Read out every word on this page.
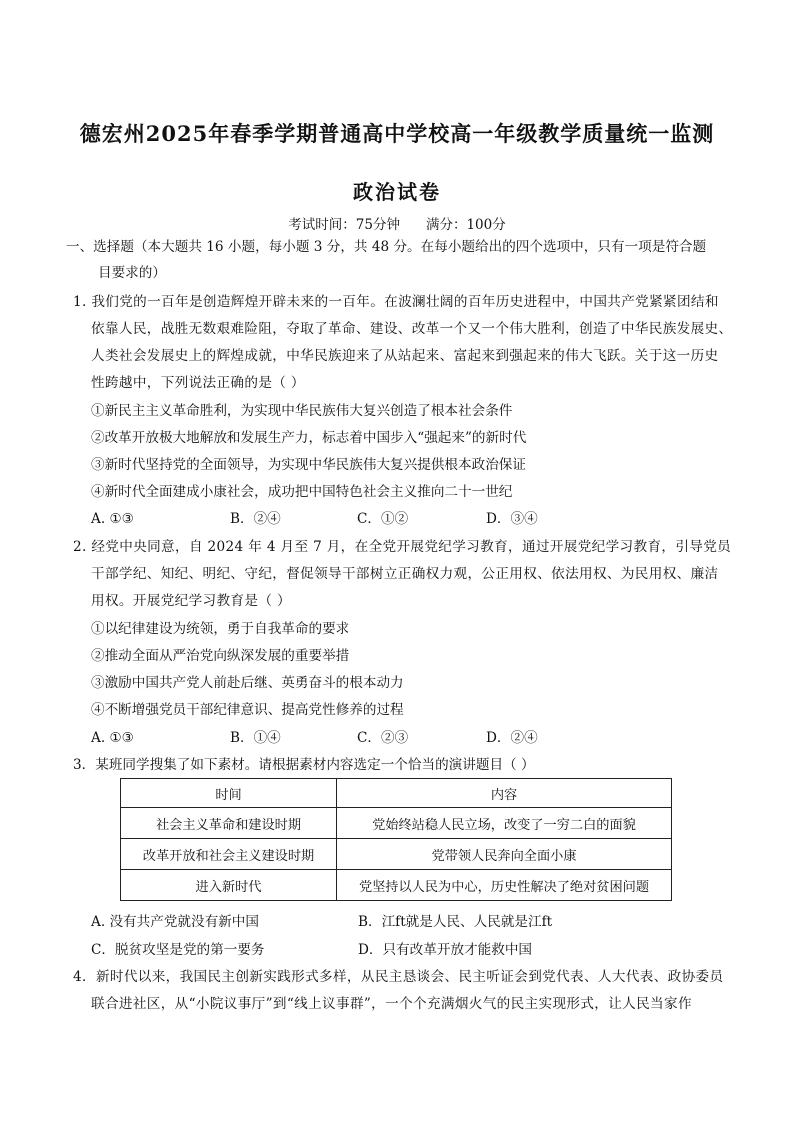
德宏州2025年春季学期普通高中学校高一年级教学质量统一监测
政治试卷
考试时间：75分钟 满分：100分
一、选择题（本大题共 16 小题，每小题 3 分，共 48 分。在每小题给出的四个选项中，只有一项是符合题
目要求的）
1. 我们党的一百年是创造辉煌开辟未来的一百年。在波澜壮阔的百年历史进程中，中国共产党紧紧团结和
依靠人民，战胜无数艰难险阻，夺取了革命、建设、改革一个又一个伟大胜利，创造了中华民族发展史、
人类社会发展史上的辉煌成就，中华民族迎来了从站起来、富起来到强起来的伟大飞跃。关于这一历史
性跨越中，下列说法正确的是（ ）
①新民主主义革命胜利，为实现中华民族伟大复兴创造了根本社会条件
②改革开放极大地解放和发展生产力，标志着中国步入“强起来”的新时代
③新时代坚持党的全面领导，为实现中华民族伟大复兴提供根本政治保证
④新时代全面建成小康社会，成功把中国特色社会主义推向二十一世纪
A. ①③	B．②④	C．①②	D．③④
2. 经党中央同意，自 2024 年 4 月至 7 月，在全党开展党纪学习教育，通过开展党纪学习教育，引导党员
干部学纪、知纪、明纪、守纪，督促领导干部树立正确权力观，公正用权、依法用权、为民用权、廉洁
用权。开展党纪学习教育是（ ）
①以纪律建设为统领，勇于自我革命的要求
②推动全面从严治党向纵深发展的重要举措
③激励中国共产党人前赴后继、英勇奋斗的根本动力
④不断增强党员干部纪律意识、提高党性修养的过程
A. ①③	B．①④	C．②③	D．②④
3．某班同学搜集了如下素材。请根据素材内容选定一个恰当的演讲题目（ ）
时间	内容
社会主义革命和建设时期	党始终站稳人民立场，改变了一穷二白的面貌
改革开放和社会主义建设时期	党带领人民奔向全面小康
进入新时代	党坚持以人民为中心，历史性解决了绝对贫困问题
A. 没有共产党就没有新中国	B．江ft就是人民、人民就是江ft
C．脱贫攻坚是党的第一要务	D．只有改革开放才能救中国
4．新时代以来，我国民主创新实践形式多样，从民主恳谈会、民主听证会到党代表、人大代表、政协委员
联合进社区，从“小院议事厅”到“线上议事群”，一个个充满烟火气的民主实现形式，让人民当家作
